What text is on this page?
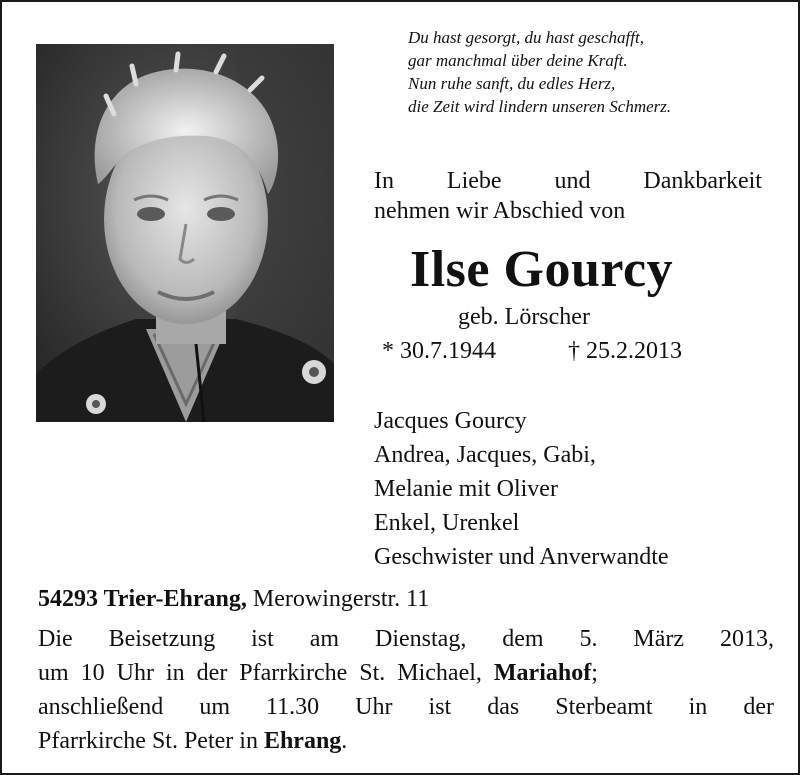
Du hast gesorgt, du hast geschafft,
gar manchmal über deine Kraft.
Nun ruhe sanft, du edles Herz,
die Zeit wird lindern unseren Schmerz.
In Liebe und Dankbarkeit
nehmen wir Abschied von
Ilse Gourcy
geb. Lörscher
* 30.7.1944	† 25.2.2013
Jacques Gourcy
Andrea, Jacques, Gabi,
Melanie mit Oliver
Enkel, Urenkel
Geschwister und Anverwandte
54293 Trier-Ehrang, Merowingerstr. 11
Die Beisetzung ist am Dienstag, dem 5. März 2013,
um 10 Uhr in der Pfarrkirche St. Michael,
Mariahof ;
anschließend um 11.30 Uhr ist das Sterbeamt in der
Pfarrkirche St. Peter in Ehrang .
